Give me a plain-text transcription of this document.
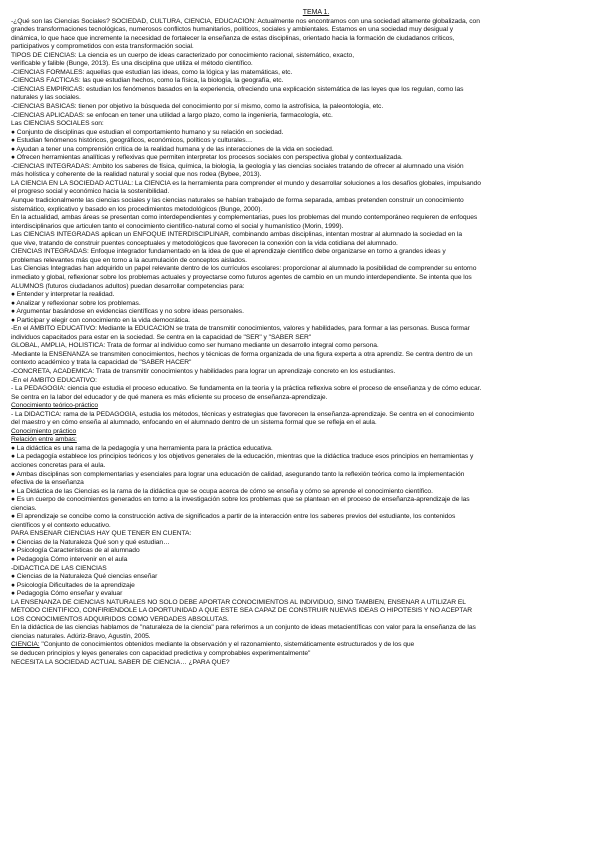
TEMA 1.
-¿Qué son las Ciencias Sociales? SOCIEDAD, CULTURA, CIENCIA, EDUCACIÓN: Actualmente nos encontramos con una sociedad altamente globalizada, con
grandes transformaciones tecnológicas, numerosos conflictos humanitarios, políticos, sociales y ambientales. Estamos en una sociedad muy desigual y
dinámica, lo que hace que incremente la necesidad de fortalecer la enseñanza de estas disciplinas, orientado hacia la formación de ciudadanos críticos,
participativos y comprometidos con esta transformación social.
TIPOS DE CIENCIAS: La ciencia es un cuerpo de ideas caracterizado por conocimiento racional, sistemático, exacto,
verificable y falible (Bunge, 2013). Es una disciplina que utiliza el método científico.
-CIENCIAS FORMALES: aquellas que estudian las ideas, como la lógica y las matemáticas, etc.
-CIENCIAS FÁCTICAS: las que estudian hechos, como la física, la biología, la geografía, etc.
-CIENCIAS EMPÍRICAS: estudian los fenómenos basados en la experiencia, ofreciendo una explicación sistemática de las leyes que los regulan, como las
naturales y las sociales.
-CIENCIAS BÁSICAS: tienen por objetivo la búsqueda del conocimiento por sí mismo, como la astrofísica, la paleontología, etc.
-CIENCIAS APLICADAS: se enfocan en tener una utilidad a largo plazo, como la ingeniería, farmacología, etc.
Las CIENCIAS SOCIALES son:
● Conjunto de disciplinas que estudian el comportamiento humano y su relación en sociedad.
● Estudian fenómenos históricos, geográficos, económicos, políticos y culturales…
● Ayudan a tener una comprensión crítica de la realidad humana y de las interacciones de la vida en sociedad.
● Ofrecen herramientas analíticas y reflexivas que permiten interpretar los procesos sociales con perspectiva global y contextualizada.
-CIENCIAS INTEGRADAS: Ambito los saberes de física, química, la biología, la geología y las ciencias sociales tratando de ofrecer al alumnado una visión
más holística y coherente de la realidad natural y social que nos rodea (Bybee, 2013).
LA CIENCIA EN LA SOCIEDAD ACTUAL: La CIENCIA es la herramienta para comprender el mundo y desarrollar soluciones a los desafíos globales, impulsando
el progreso social y económico hacia la sostenibilidad.
Aunque tradicionalmente las ciencias sociales y las ciencias naturales se habían trabajado de forma separada, ambas pretenden construir un conocimiento
sistemático, explicativo y basado en los procedimientos metodológicos (Bunge, 2000).
En la actualidad, ambas áreas se presentan como interdependientes y complementarias, pues los problemas del mundo contemporáneo requieren de enfoques
interdisciplinarios que articulen tanto el conocimiento científico-natural como el social y humanístico (Morin, 1999).
Las CIENCIAS INTEGRADAS aplican un ENFOQUE INTERDISCIPLINAR, combinando ambas disciplinas, intentan mostrar al alumnado la sociedad en la
que vive, tratando de construir puentes conceptuales y metodológicos que favorecen la conexión con la vida cotidiana del alumnado.
CIENCIAS INTEGRADAS: Enfoque integrador fundamentado en la idea de que el aprendizaje científico debe organizarse en torno a grandes ideas y
problemas relevantes más que en torno a la acumulación de conceptos aislados.
Las Ciencias Integradas han adquirido un papel relevante dentro de los currículos escolares: proporcionar al alumnado la posibilidad de comprender su entorno
inmediato y global, reflexionar sobre los problemas actuales y proyectarse como futuros agentes de cambio en un mundo interdependiente. Se intenta que los
ALUMNOS (futuros ciudadanos adultos) puedan desarrollar competencias para:
● Entender y interpretar la realidad.
● Analizar y reflexionar sobre los problemas.
● Argumentar basándose en evidencias científicas y no sobre ideas personales.
● Participar y elegir con conocimiento en la vida democrática.
-En el ÁMBITO EDUCATIVO: Mediante la EDUCACIÓN se trata de transmitir conocimientos, valores y habilidades, para formar a las personas. Busca formar
individuos capacitados para estar en la sociedad. Se centra en la capacidad de "SER" y "SABER SER"
GLOBAL, AMPLIA, HOLÍSTICA: Trata de formar al individuo como ser humano mediante un desarrollo integral como persona.
-Mediante la ENSEÑANZA se transmiten conocimientos, hechos y técnicas de forma organizada de una figura experta a otra aprendiz. Se centra dentro de un
contexto académico y trata la capacidad de "SABER HACER"
-CONCRETA, ACADÉMICA: Trata de transmitir conocimientos y habilidades para lograr un aprendizaje concreto en los estudiantes.
-En el ÁMBITO EDUCATIVO:
- La PEDAGOGÍA: ciencia que estudia el proceso educativo. Se fundamenta en la teoría y la práctica reflexiva sobre el proceso de enseñanza y de cómo educar.
Se centra en la labor del educador y de qué manera es más eficiente su proceso de enseñanza-aprendizaje.
Conocimiento teórico-práctico
- La DIDÁCTICA: rama de la PEDAGOGÍA, estudia los métodos, técnicas y estrategias que favorecen la enseñanza-aprendizaje. Se centra en el conocimiento
del maestro y en cómo enseña al alumnado, enfocando en el alumnado dentro de un sistema formal que se refleja en el aula.
Conocimiento práctico
Relación entre ambas:
● La didáctica es una rama de la pedagogía y una herramienta para la práctica educativa.
● La pedagogía establece los principios teóricos y los objetivos generales de la educación, mientras que la didáctica traduce esos principios en herramientas y
acciones concretas para el aula.
● Ambas disciplinas son complementarias y esenciales para lograr una educación de calidad, asegurando tanto la reflexión teórica como la implementación
efectiva de la enseñanza
● La Didáctica de las Ciencias es la rama de la didáctica que se ocupa acerca de cómo se enseña y cómo se aprende el conocimiento científico.
● Es un cuerpo de conocimientos generados en torno a la investigación sobre los problemas que se plantean en el proceso de enseñanza-aprendizaje de las
ciencias.
● El aprendizaje se concibe como la construcción activa de significados a partir de la interacción entre los saberes previos del estudiante, los contenidos
científicos y el contexto educativo.
PARA ENSEÑAR CIENCIAS HAY QUE TENER EN CUENTA:
● Ciencias de la Naturaleza Qué son y qué estudian…
● Psicología Características de al alumnado
● Pedagogía Cómo intervenir en el aula
-DIDÁCTICA DE LAS CIENCIAS
● Ciencias de la Naturaleza Qué ciencias enseñar
● Psicología Dificultades de la aprendizaje
● Pedagogía Cómo enseñar y evaluar
LA ENSEÑANZA DE CIENCIAS NATURALES NO SOLO DEBE APORTAR CONOCIMIENTOS AL INDIVIDUO, SINO TAMBIÉN, ENSEÑAR A UTILIZAR EL
MÉTODO CIENTÍFICO, CONFIRIÉNDOLE LA OPORTUNIDAD A QUE ESTE SEA CAPAZ DE CONSTRUIR NUEVAS IDEAS O HIPÓTESIS Y NO ACEPTAR
LOS CONOCIMIENTOS ADQUIRIDOS COMO VERDADES ABSOLUTAS.
En la didáctica de las ciencias hablamos de "naturaleza de la ciencia" para referirnos a un conjunto de ideas metacientíficas con valor para la enseñanza de las
ciencias naturales. Adúriz-Bravo, Agustín, 2005.
CIENCIA: "Conjunto de conocimientos obtenidos mediante la observación y el razonamiento, sistemáticamente estructurados y de los que
se deducen principios y leyes generales con capacidad predictiva y comprobables experimentalmente"
NECESITA LA SOCIEDAD ACTUAL SABER DE CIENCIA… ¿PARA QUÉ?
